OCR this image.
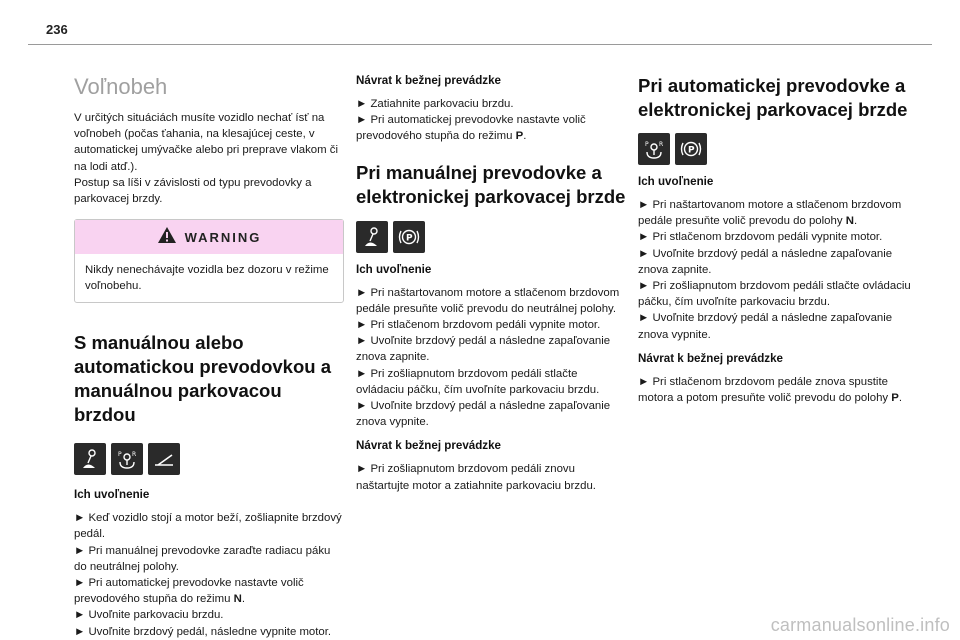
236
Voľnobeh

V určitých situáciách musíte vozidlo nechať ísť na voľnobeh (počas ťahania, na klesajúcej ceste, v automatickej umývačke alebo pri preprave vlakom či na lodi atď.).

Postup sa líši v závislosti od typu prevodovky a parkovacej brzdy.

WARNING
Nikdy nenechávajte vozidla bez dozoru v režime voľnobehu.
S manuálnou alebo automatickou prevodovkou a manuálnou parkovacou brzdou
P R
Ich uvoľnenie

► Keď vozidlo stojí a motor beží, zošliapnite brzdový pedál.

► Pri manuálnej prevodovke zaraďte radiacu páku do neutrálnej polohy.

► Pri automatickej prevodovke nastavte volič prevodového stupňa do režimu N.

► Uvoľnite parkovaciu brzdu.

► Uvoľnite brzdový pedál, následne vypnite motor.

Návrat k bežnej prevádzke

► Zatiahnite parkovaciu brzdu.

► Pri automatickej prevodovke nastavte volič prevodového stupňa do režimu P.

Pri manuálnej prevodovke a elektronickej parkovacej brzde
P
Ich uvoľnenie

► Pri naštartovanom motore a stlačenom brzdovom pedále presuňte volič prevodu do neutrálnej polohy.

► Pri stlačenom brzdovom pedáli vypnite motor.

► Uvoľnite brzdový pedál a následne zapaľovanie znova zapnite.

► Pri zošliapnutom brzdovom pedáli stlačte ovládaciu páčku, čím uvoľníte parkovaciu brzdu.

► Uvoľnite brzdový pedál a následne zapaľovanie znova vypnite.

Návrat k bežnej prevádzke
► Pri zošliapnutom brzdovom pedáli znovu naštartujte motor a zatiahnite parkovaciu brzdu.
Pri automatickej prevodovke a elektronickej parkovacej brzde
P R
P
Ich uvoľnenie

► Pri naštartovanom motore a stlačenom brzdovom pedále presuňte volič prevodu do polohy N.

► Pri stlačenom brzdovom pedáli vypnite motor.

► Uvoľnite brzdový pedál a následne zapaľovanie znova zapnite.

► Pri zošliapnutom brzdovom pedáli stlačte ovládaciu páčku, čím uvoľníte parkovaciu brzdu.

► Uvoľnite brzdový pedál a následne zapaľovanie znova vypnite.

Návrat k bežnej prevádzke
► Pri stlačenom brzdovom pedále znova spustite motora a potom presuňte volič prevodu do polohy P.
carmanualsonline.info
